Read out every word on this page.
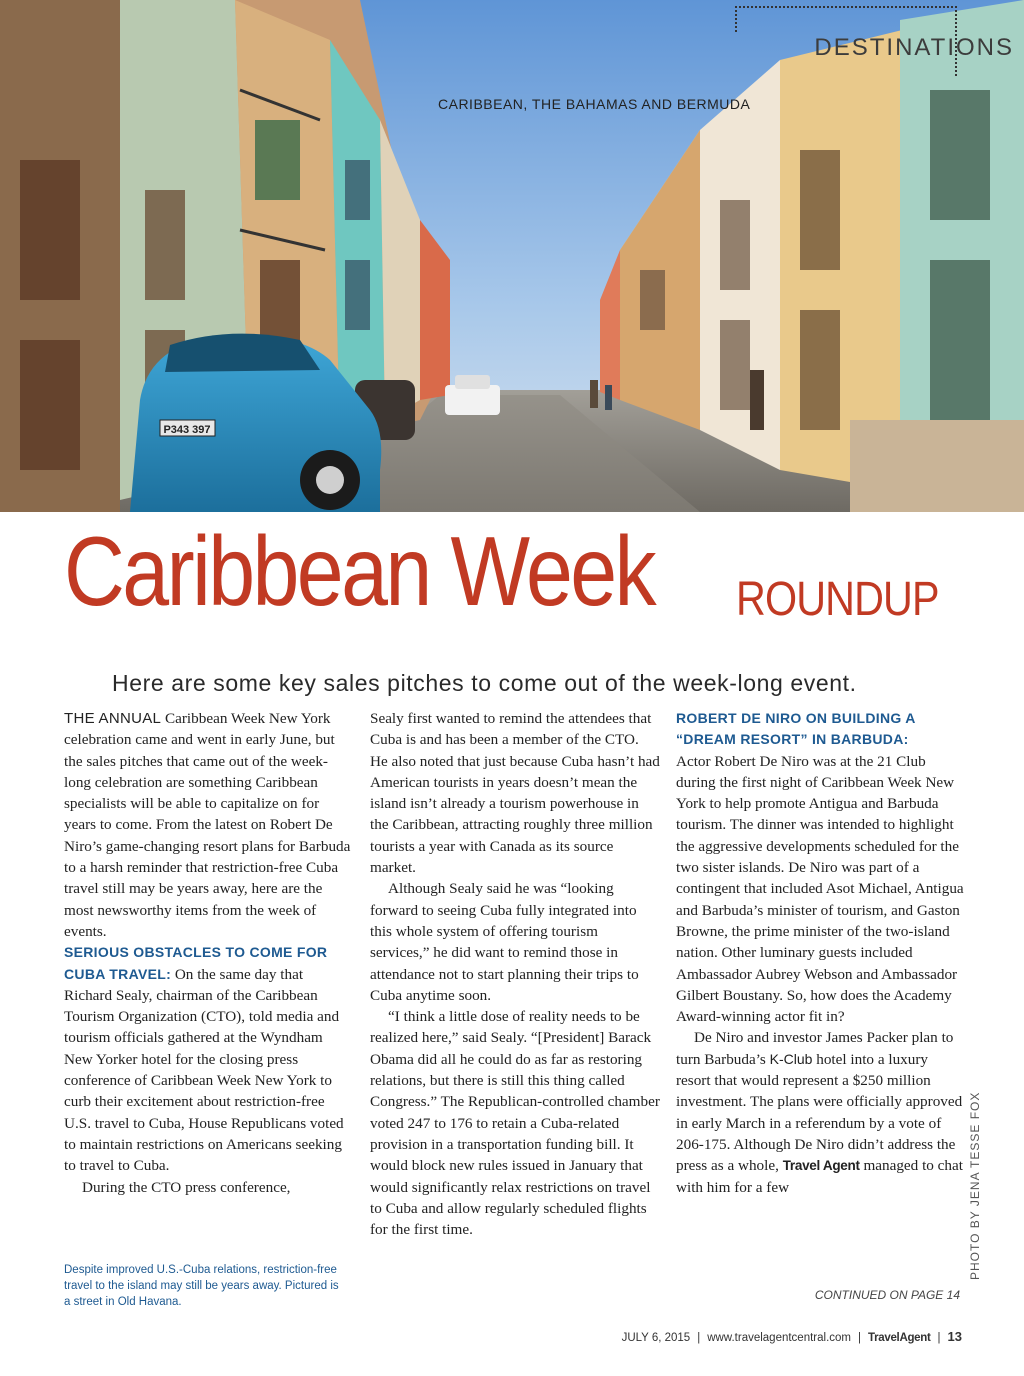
P343 397
DESTINATIONS
CARIBBEAN, THE BAHAMAS AND BERMUDA
Caribbean Week ROUNDUP
Here are some key sales pitches to come out of the week-long event.

THE ANNUAL Caribbean Week New York celebration came and went in early June, but the sales pitches that came out of the week-long celebration are something Caribbean specialists will be able to capitalize on for years to come. From the latest on Robert De Niro’s game-changing resort plans for Barbuda to a harsh reminder that restriction-free Cuba travel still may be years away, here are the most newsworthy items from the week of events.

SERIOUS OBSTACLES TO COME FOR CUBA TRAVEL: On the same day that Richard Sealy, chairman of the Caribbean Tourism Organization (CTO), told media and tourism officials gathered at the Wyndham New Yorker hotel for the closing press conference of Caribbean Week New York to curb their excitement about restriction-free U.S. travel to Cuba, House Republicans voted to maintain restrictions on Americans seeking to travel to Cuba.

During the CTO press conference,

Despite improved U.S.-Cuba relations, restriction-free travel to the island may still be years away. Pictured is a street in Old Havana.

Sealy first wanted to remind the attendees that Cuba is and has been a member of the CTO. He also noted that just because Cuba hasn’t had American tourists in years doesn’t mean the island isn’t already a tourism powerhouse in the Caribbean, attracting roughly three million tourists a year with Canada as its source market.

Although Sealy said he was “looking forward to seeing Cuba fully integrated into this whole system of offering tourism services,” he did want to remind those in attendance not to start planning their trips to Cuba anytime soon.

“I think a little dose of reality needs to be realized here,” said Sealy. “[President] Barack Obama did all he could do as far as restoring relations, but there is still this thing called Congress.” The Republican-controlled chamber voted 247 to 176 to retain a Cuba-related provision in a transportation funding bill. It would block new rules issued in January that would significantly relax restrictions on travel to Cuba and allow regularly scheduled flights for the first time.

ROBERT DE NIRO ON BUILDING A “DREAM RESORT” IN BARBUDA:

Actor Robert De Niro was at the 21 Club during the first night of Caribbean Week New York to help promote Antigua and Barbuda tourism. The dinner was intended to highlight the aggressive developments scheduled for the two sister islands. De Niro was part of a contingent that included Asot Michael, Antigua and Barbuda’s minister of tourism, and Gaston Browne, the prime minister of the two-island nation. Other luminary guests included Ambassador Aubrey Webson and Ambassador Gilbert Boustany. So, how does the Academy Award-winning actor fit in?

De Niro and investor James Packer plan to turn Barbuda’s K-Club hotel into a luxury resort that would represent a $250 million investment. The plans were officially approved in early March in a referendum by a vote of 206-175. Although De Niro didn’t address the press as a whole, Travel Agent managed to chat with him for a few

CONTINUED ON PAGE 14
PHOTO BY JENA TESSE FOX
JULY 6, 2015 | www.travelagentcentral.com | TravelAgent | 13
